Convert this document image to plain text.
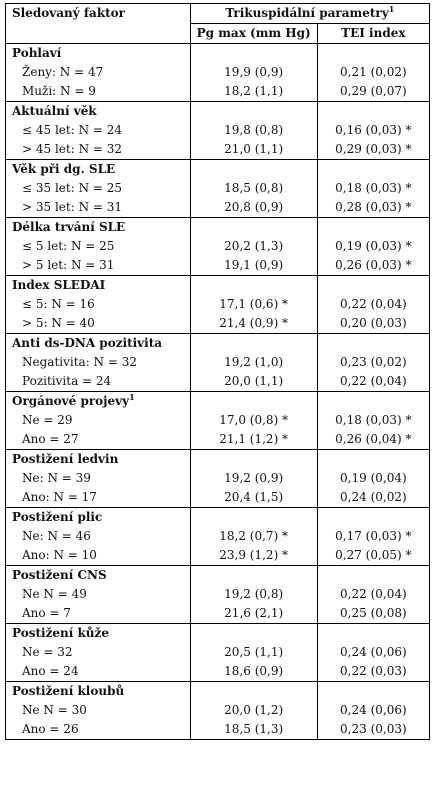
Sledovaný faktor	Trikuspidální parametry$^1$
	Pg max (mm Hg)	TEI index
Pohlaví		
Ženy: N = 47	19,9 (0,9)	0,21 (0,02)
Muži: N = 9	18,2 (1,1)	0,29 (0,07)
Aktuální věk		
≤ 45 let: N = 24	19,8 (0,8)	0,16 (0,03) *
> 45 let: N = 32	21,0 (1,1)	0,29 (0,03) *
Věk při dg. SLE		
≤ 35 let: N = 25	18,5 (0,8)	0,18 (0,03) *
> 35 let: N = 31	20,8 (0,9)	0,28 (0,03) *
Délka trvání SLE		
≤ 5 let: N = 25	20,2 (1,3)	0,19 (0,03) *
> 5 let: N = 31	19,1 (0,9)	0,26 (0,03) *
Index SLEDAI		
≤ 5: N = 16	17,1 (0,6) *	0,22 (0,04)
> 5: N = 40	21,4 (0,9) *	0,20 (0,03)
Anti ds-DNA pozitivita		
Negativita: N = 32	19,2 (1,0)	0,23 (0,02)
Pozitivita = 24	20,0 (1,1)	0,22 (0,04)
Orgánové projevy$^1$		
Ne = 29	17,0 (0,8) *	0,18 (0,03) *
Ano = 27	21,1 (1,2) *	0,26 (0,04) *
Postižení ledvin		
Ne: N = 39	19,2 (0,9)	0,19 (0,04)
Ano: N = 17	20,4 (1,5)	0,24 (0,02)
Postižení plic		
Ne: N = 46	18,2 (0,7) *	0,17 (0,03) *
Ano: N = 10	23,9 (1,2) *	0,27 (0,05) *
Postižení CNS		
Ne N = 49	19,2 (0,8)	0,22 (0,04)
Ano = 7	21,6 (2,1)	0,25 (0,08)
Postižení kůže		
Ne = 32	20,5 (1,1)	0,24 (0,06)
Ano = 24	18,6 (0,9)	0,22 (0,03)
Postižení kloubů		
Ne N = 30	20,0 (1,2)	0,24 (0,06)
Ano = 26	18,5 (1,3)	0,23 (0,03)
